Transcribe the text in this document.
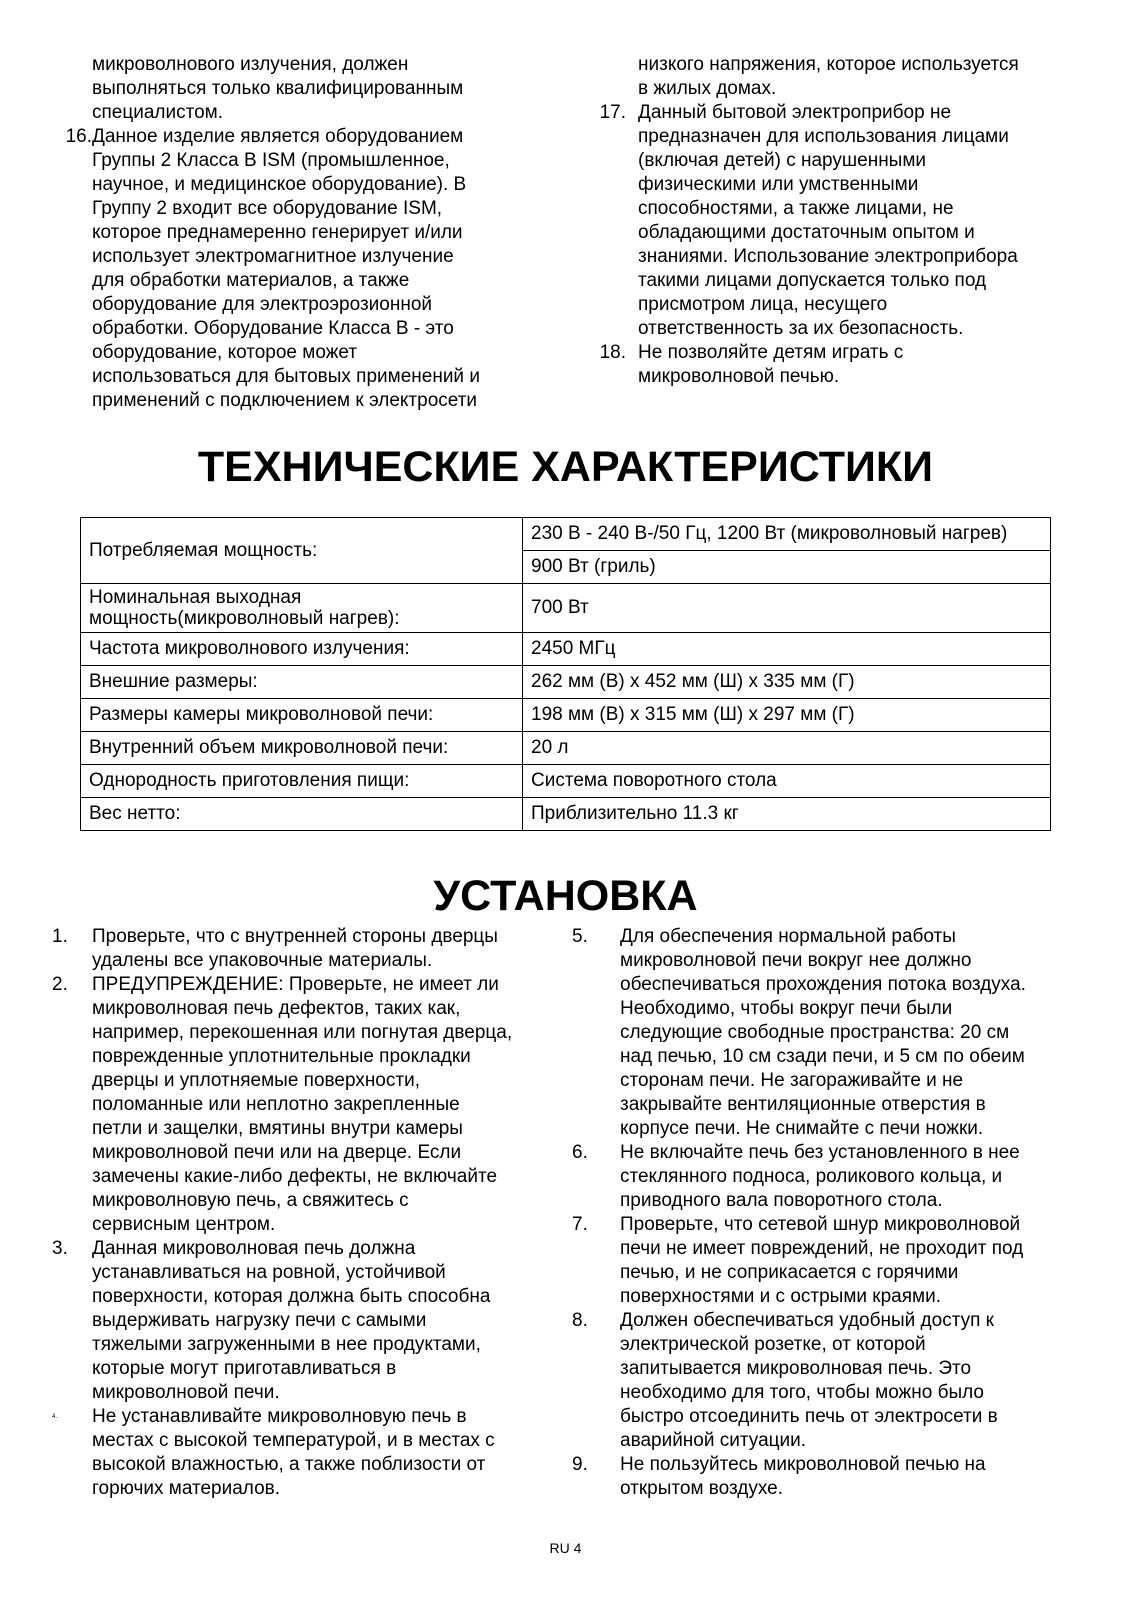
микроволнового излучения, должен
выполняться только квалифицированным
специалистом.
16. Данное изделие является оборудованием
Группы 2 Класса B ISM (промышленное,
научное, и медицинское оборудование). В
Группу 2 входит все оборудование ISM,
которое преднамеренно генерирует и/или
использует электромагнитное излучение
для обработки материалов, а также
оборудование для электроэрозионной
обработки. Оборудование Класса В - это
оборудование, которое может
использоваться для бытовых применений и
применений с подключением к электросети
низкого напряжения, которое используется
в жилых домах.
17. Данный бытовой электроприбор не
предназначен для использования лицами
(включая детей) с нарушенными
физическими или умственными
способностями, а также лицами, не
обладающими достаточным опытом и
знаниями. Использование электроприбора
такими лицами допускается только под
присмотром лица, несущего
ответственность за их безопасность.
18. Не позволяйте детям играть с
микроволновой печью.
ТЕХНИЧЕСКИЕ ХАРАКТЕРИСТИКИ
Потребляемая мощность:	230 В - 240 В-/50 Гц, 1200 Вт (микроволновый нагрев)
	900 Вт (гриль)
Номинальная выходная мощность(микроволновый нагрев):	700 Вт
Частота микроволнового излучения:	2450 МГц
Внешние размеры:	262 мм (В) x 452 мм (Ш) x 335 мм (Г)
Размеры камеры микроволновой печи:	198 мм (В) x 315 мм (Ш) x 297 мм (Г)
Внутренний объем микроволновой печи:	20 л
Однородность приготовления пищи:	Система поворотного стола
Вес нетто:	Приблизительно 11.3 кг
УСТАНОВКА
1.	Проверьте, что с внутренней стороны дверцы
удалены все упаковочные материалы.
2.	ПРЕДУПРЕЖДЕНИЕ: Проверьте, не имеет ли
микроволновая печь дефектов, таких как,
например, перекошенная или погнутая дверца,
поврежденные уплотнительные прокладки
дверцы и уплотняемые поверхности,
поломанные или неплотно закрепленные
петли и защелки, вмятины внутри камеры
микроволновой печи или на дверце. Если
замечены какие-либо дефекты, не включайте
микроволновую печь, а свяжитесь с
сервисным центром.
3.	Данная микроволновая печь должна
устанавливаться на ровной, устойчивой
поверхности, которая должна быть способна
выдерживать нагрузку печи с самыми
тяжелыми загруженными в нее продуктами,
которые могут приготавливаться в
микроволновой печи.
4.	Не устанавливайте микроволновую печь в
местах с высокой температурой, и в местах с
высокой влажностью, а также поблизости от
горючих материалов.
5.	Для обеспечения нормальной работы
микроволновой печи вокруг нее должно
обеспечиваться прохождения потока воздуха.
Необходимо, чтобы вокруг печи были
следующие свободные пространства: 20 см
над печью, 10 см сзади печи, и 5 см по обеим
сторонам печи. Не загораживайте и не
закрывайте вентиляционные отверстия в
корпусе печи. Не снимайте с печи ножки.
6.	Не включайте печь без установленного в нее
стеклянного подноса, роликового кольца, и
приводного вала поворотного стола.
7.	Проверьте, что сетевой шнур микроволновой
печи не имеет повреждений, не проходит под
печью, и не соприкасается с горячими
поверхностями и с острыми краями.
8.	Должен обеспечиваться удобный доступ к
электрической розетке, от которой
запитывается микроволновая печь. Это
необходимо для того, чтобы можно было
быстро отсоединить печь от электросети в
аварийной ситуации.
9.	Не пользуйтесь микроволновой печью на
открытом воздухе.
RU 4
